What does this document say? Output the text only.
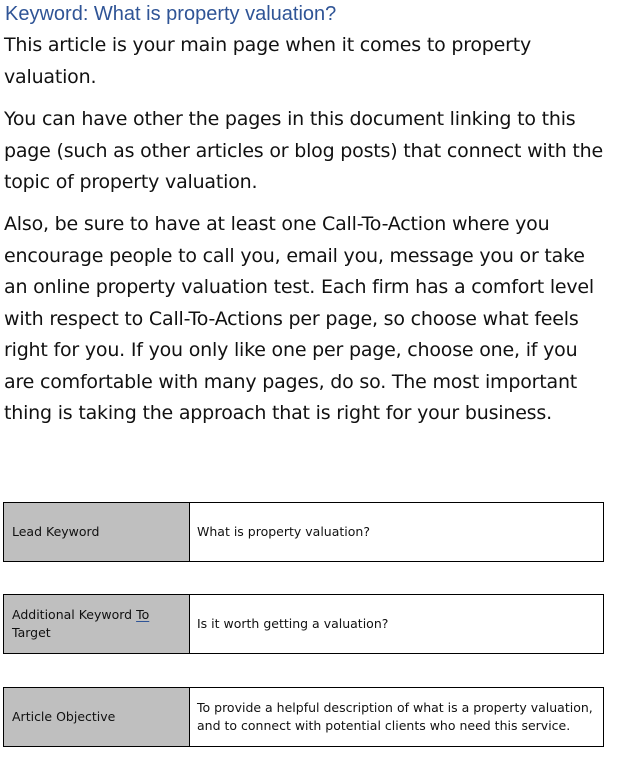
Keyword: What is property valuation?

This article is your main page when it comes to property valuation.

You can have other the pages in this document linking to this page (such as other articles or blog posts) that connect with the topic of property valuation.

Also, be sure to have at least one Call-To-Action where you encourage people to call you, email you, message you or take an online property valuation test. Each firm has a comfort level with respect to Call-To-Actions per page, so choose what feels right for you. If you only like one per page, choose one, if you are comfortable with many pages, do so. The most important thing is taking the approach that is right for your business.

Lead Keyword	What is property valuation?
Additional Keyword To Target
Is it worth getting a valuation?
Article Objective
To provide a helpful description of what is a property valuation, and to connect with potential clients who need this service.
